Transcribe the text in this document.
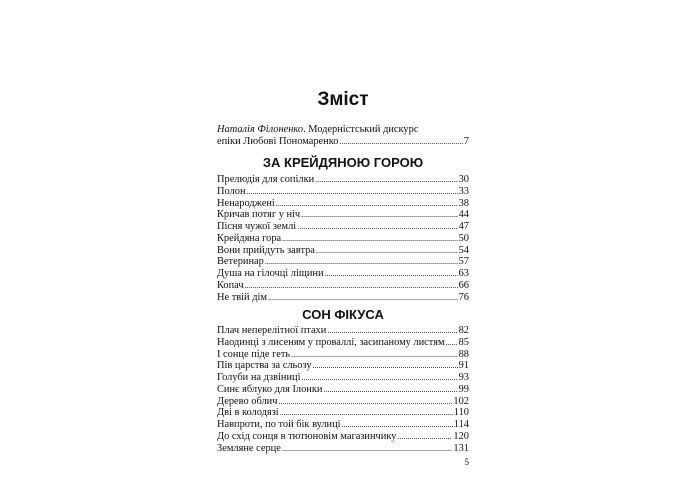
Зміст
Наталія Філоненко. Модерністський дискурс
епіки Любові Пономаренко .....	7
ЗА КРЕЙДЯНОЮ ГОРОЮ
Прелюдія для сопілки .....	30
Полон .....	33
Ненароджені .....	38
Кричав потяг у ніч .....	44
Пісня чужої землі .....	47
Крейдяна гора .....	50
Вони прийдуть завтра .....	54
Ветеринар .....	57
Душа на гілочці ліщини .....	63
Копач .....	66
Не твій дім .....	76
СОН ФІКУСА
Плач неперелітної птахи .....	82
Наодинці з лисеням у проваллі, засипаному листям ..... 85
І сонце піде геть .....	88
Пів царства за сльозу .....	91
Голуби на дзвіниці .....	93
Синє яблуко для Ілонки .....	99
Дерево облич .....	102
Дві в колодязі .....	110
Навпроти, по той бік вулиці .....	114
До схід сонця в тютюновім магазинчику .....	120
Земляне серце .....	131
5
